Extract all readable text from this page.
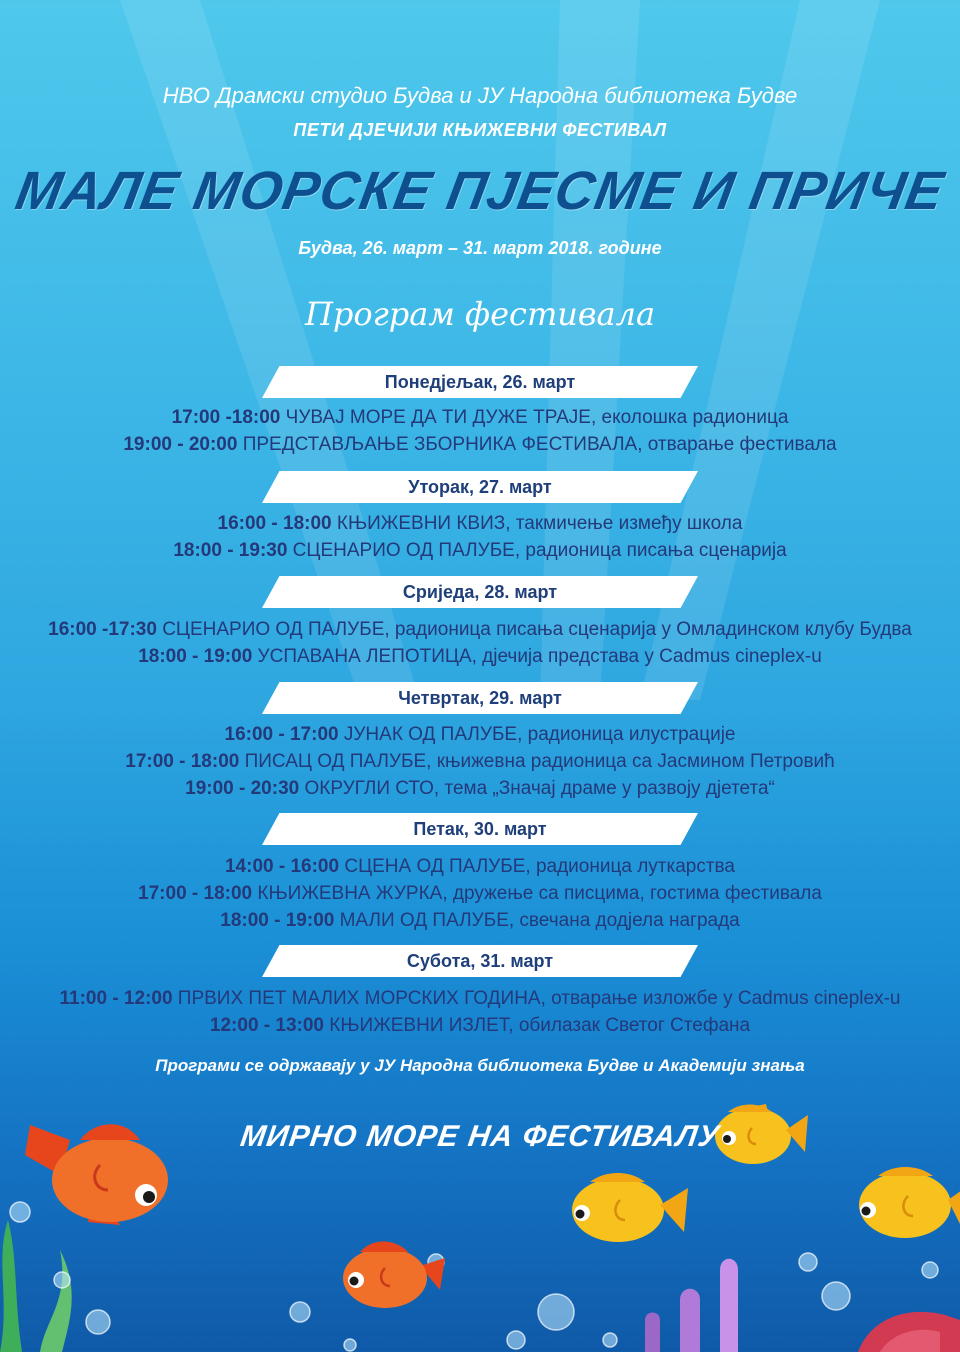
НВО Драмски студио Будва и ЈУ Народна библиотека Будве
ПЕТИ ДЈЕЧИЈИ КЊИЖЕВНИ ФЕСТИВАЛ
МАЛЕ МОРСКЕ ПЈЕСМЕ И ПРИЧЕ
Будва, 26. март – 31. март 2018. године
Програм фестивала
Понедјељак, 26. март
17:00 -18:00 ЧУВАЈ МОРЕ ДА ТИ ДУЖЕ ТРАЈЕ, еколошка радионица
19:00 - 20:00 ПРЕДСТАВЉАЊЕ ЗБОРНИКА ФЕСТИВАЛА, отварање фестивала
Уторак, 27. март
16:00 - 18:00 КЊИЖЕВНИ КВИЗ, такмичење између школа
18:00 - 19:30 СЦЕНАРИО ОД ПАЛУБЕ, радионица писања сценарија
Сриједа, 28. март
16:00 -17:30 СЦЕНАРИО ОД ПАЛУБЕ, радионица писања сценарија у Омладинском клубу Будва
18:00 - 19:00 УСПАВАНА ЛЕПОТИЦА, дјечија представа у Cadmus cineplex-u
Четвртак, 29. март
16:00 - 17:00 ЈУНАК ОД ПАЛУБЕ, радионица илустрације
17:00 - 18:00 ПИСАЦ ОД ПАЛУБЕ, књижевна радионица са Јасмином Петровић
19:00 - 20:30 ОКРУГЛИ СТО, тема „Значај драме у развоју дјетета“
Петак, 30. март
14:00 - 16:00 СЦЕНА ОД ПАЛУБЕ, радионица луткарства
17:00 - 18:00 КЊИЖЕВНА ЖУРКА, дружење са писцима, гостима фестивала
18:00 - 19:00 МАЛИ ОД ПАЛУБЕ, свечана додјела награда
Субота, 31. март
11:00 - 12:00 ПРВИХ ПЕТ МАЛИХ МОРСКИХ ГОДИНА, отварање изложбе у Cadmus cineplex-u
12:00 - 13:00 КЊИЖЕВНИ ИЗЛЕТ, обилазак Светог Стефана
Програми се одржавају у ЈУ Народна библиотека Будве и Академији знања
МИРНО МОРЕ НА ФЕСТИВАЛУ
